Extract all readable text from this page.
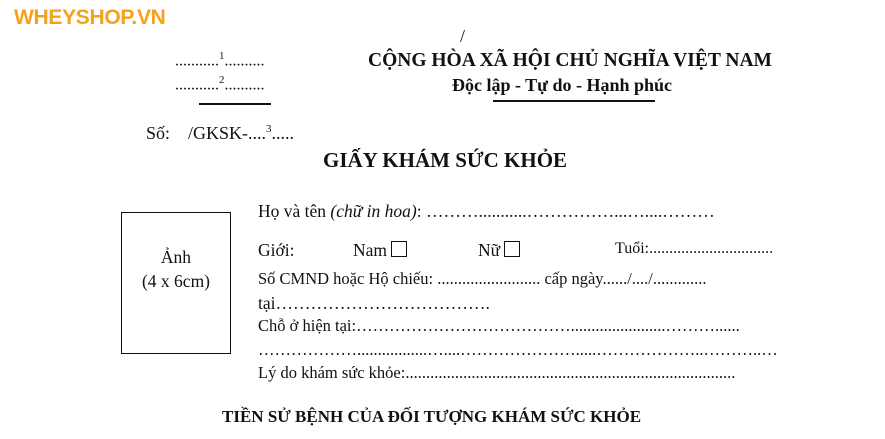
WHEYSHOP.VN
/
...........$^1$..........
...........$^2$..........
CỘNG HÒA XÃ HỘI CHỦ NGHĨA VIỆT NAM
Độc lập - Tự do - Hạnh phúc
Số: /GKSK-....$^3$.....
GIẤY KHÁM SỨC KHỎE
Ảnh
(4 x 6cm)
Họ và tên (chữ in hoa): ………...........……………...…....………
Giới:	Nam	Nữ	Tuổi:...............................
Số CMND hoặc Hộ chiếu: ......................... cấp ngày....../..../.............
tại……………………………….
Chỗ ở hiện tại:………………………………….......................………......
……………….................…....………………….....………………..………..…
Lý do khám sức khỏe:................................................................................
TIỀN SỬ BỆNH CỦA ĐỐI TƯỢNG KHÁM SỨC KHỎE
